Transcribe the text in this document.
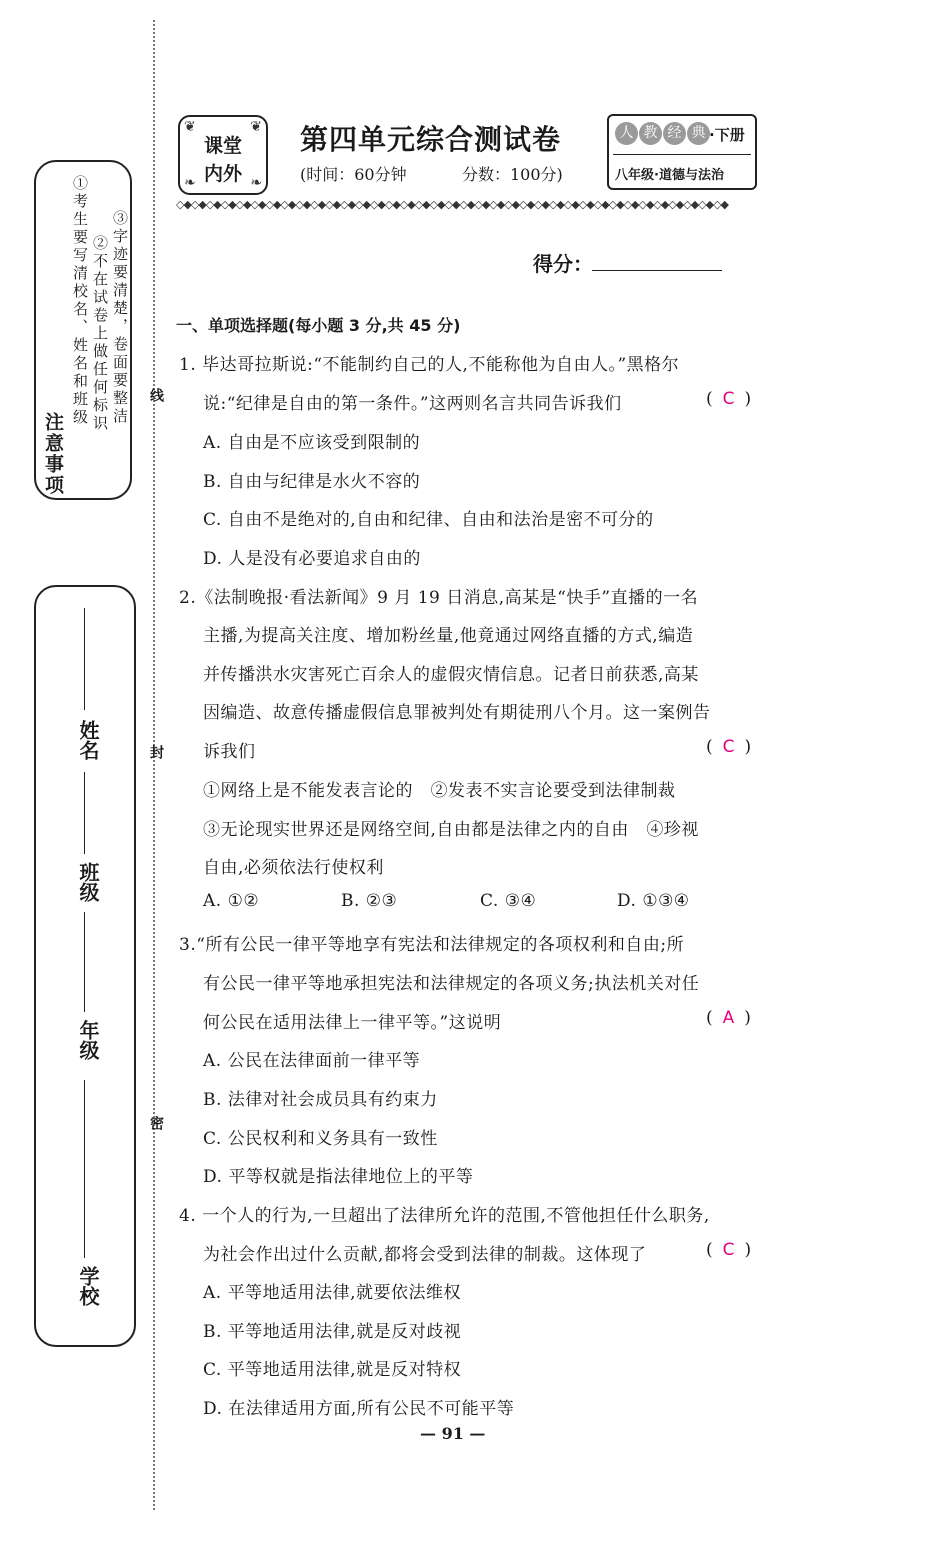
线
封
密
注意事项
①考生要写清校名、姓名和班级 ②不在试卷上做任何标识 ③字迹要清楚，卷面要整洁
学校
年级
班级
姓名
❦	❦
❧	❧
课堂
内外
第四单元综合测试卷
(时间：60分钟	分数：100分)
人 教 经 典 ·下册
八年级·道德与法治
◇◆◇◆◇◆◇◆◇◆◇◆◇◆◇◆◇◆◇◆◇◆◇◆◇◆◇◆◇◆◇◆◇◆◇◆◇◆◇◆◇◆◇◆◇◆◇◆◇◆◇◆◇◆◇◆◇◆◇◆◇◆◇◆◇◆◇◆◇◆◇◆◇◆
得分：
一、单项选择题(每小题 3 分,共 45 分)
1. 毕达哥拉斯说:“不能制约自己的人,不能称他为自由人。”黑格尔
说:“纪律是自由的第一条件。”这两则名言共同告诉我们	( C )
A. 自由是不应该受到限制的
B. 自由与纪律是水火不容的
C. 自由不是绝对的,自由和纪律、自由和法治是密不可分的
D. 人是没有必要追求自由的
2.《法制晚报·看法新闻》9 月 19 日消息,高某是“快手”直播的一名
主播,为提高关注度、增加粉丝量,他竟通过网络直播的方式,编造
并传播洪水灾害死亡百余人的虚假灾情信息。记者日前获悉,高某
因编造、故意传播虚假信息罪被判处有期徒刑八个月。这一案例告
诉我们	( C )
①网络上是不能发表言论的　②发表不实言论要受到法律制裁
③无论现实世界还是网络空间,自由都是法律之内的自由　④珍视
自由,必须依法行使权利
A. ①②	B. ②③	C. ③④	D. ①③④
3.“所有公民一律平等地享有宪法和法律规定的各项权利和自由;所
有公民一律平等地承担宪法和法律规定的各项义务;执法机关对任
何公民在适用法律上一律平等。”这说明	( A )
A. 公民在法律面前一律平等
B. 法律对社会成员具有约束力
C. 公民权利和义务具有一致性
D. 平等权就是指法律地位上的平等
4. 一个人的行为,一旦超出了法律所允许的范围,不管他担任什么职务,
为社会作出过什么贡献,都将会受到法律的制裁。这体现了	( C )
A. 平等地适用法律,就要依法维权
B. 平等地适用法律,就是反对歧视
C. 平等地适用法律,就是反对特权
D. 在法律适用方面,所有公民不可能平等
— 91 —
